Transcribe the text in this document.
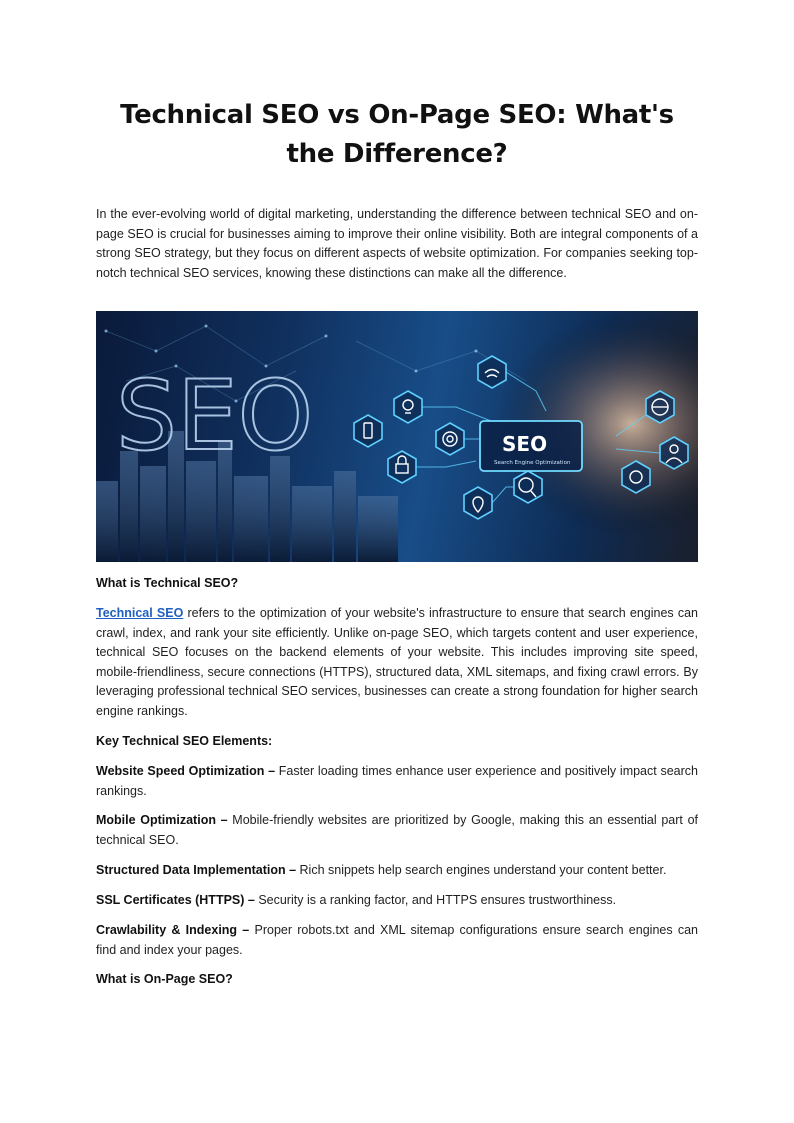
Technical SEO vs On-Page SEO: What's the Difference?

In the ever-evolving world of digital marketing, understanding the difference between technical SEO and on-page SEO is crucial for businesses aiming to improve their online visibility. Both are integral components of a strong SEO strategy, but they focus on different aspects of website optimization. For companies seeking top-notch technical SEO services, knowing these distinctions can make all the difference.

SEO	SEO
Search Engine Optimization

What is Technical SEO?

Technical SEO refers to the optimization of your website's infrastructure to ensure that search engines can crawl, index, and rank your site efficiently. Unlike on-page SEO, which targets content and user experience, technical SEO focuses on the backend elements of your website. This includes improving site speed, mobile-friendliness, secure connections (HTTPS), structured data, XML sitemaps, and fixing crawl errors. By leveraging professional technical SEO services, businesses can create a strong foundation for higher search engine rankings.

Key Technical SEO Elements:

Website Speed Optimization – Faster loading times enhance user experience and positively impact search rankings.

Mobile Optimization – Mobile-friendly websites are prioritized by Google, making this an essential part of technical SEO.

Structured Data Implementation – Rich snippets help search engines understand your content better.

SSL Certificates (HTTPS) – Security is a ranking factor, and HTTPS ensures trustworthiness.

Crawlability & Indexing – Proper robots.txt and XML sitemap configurations ensure search engines can find and index your pages.

What is On-Page SEO?
